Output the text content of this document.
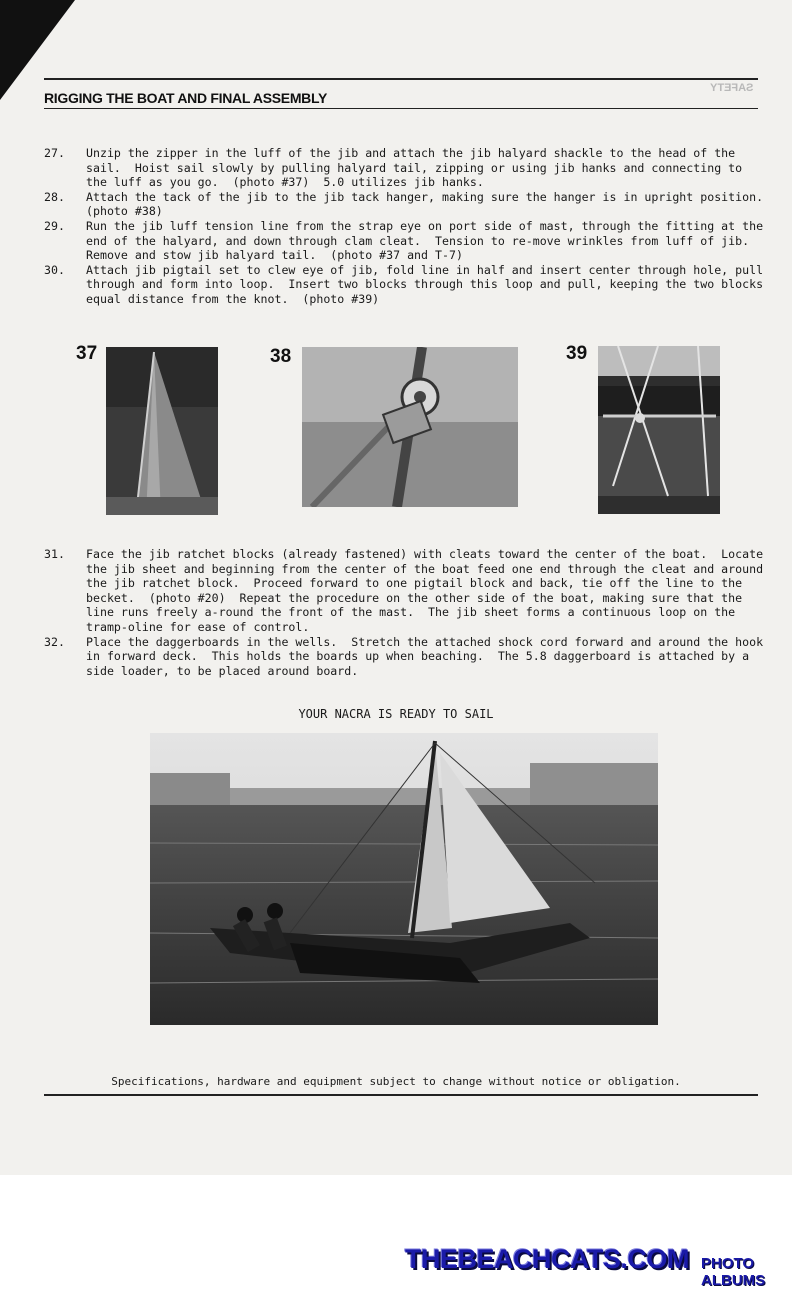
SAFETY
RIGGING THE BOAT AND FINAL ASSEMBLY
27.	Unzip the zipper in the luff of the jib and attach the jib halyard shackle to the head of the sail.  Hoist sail slowly by pulling halyard tail, zipping or using jib hanks and connecting to the luff as you go.  (photo #37)  5.0 utilizes jib hanks.
28.	Attach the tack of the jib to the jib tack hanger, making sure the hanger is in upright position.  (photo #38)
29.	Run the jib luff tension line from the strap eye on port side of mast, through the fitting at the end of the halyard, and down through clam cleat.  Tension to re-move wrinkles from luff of jib.  Remove and stow jib halyard tail.  (photo #37 and T-7)
30.	Attach jib pigtail set to clew eye of jib, fold line in half and insert center through hole, pull through and form into loop.  Insert two blocks through this loop and pull, keeping the two blocks equal distance from the knot.  (photo #39)
37	38	39
31.	Face the jib ratchet blocks (already fastened) with cleats toward the center of the boat.  Locate the jib sheet and beginning from the center of the boat feed one end through the cleat and around the jib ratchet block.  Proceed forward to one pigtail block and back, tie off the line to the becket.  (photo #20)  Repeat the procedure on the other side of the boat, making sure that the line runs freely a-round the front of the mast.  The jib sheet forms a continuous loop on the tramp-oline for ease of control.
32.	Place the daggerboards in the wells.  Stretch the attached shock cord forward and around the hook in forward deck.  This holds the boards up when beaching.  The 5.8 daggerboard is attached by a side loader, to be placed around board.
YOUR NACRA IS READY TO SAIL
Specifications, hardware and equipment subject to change without notice or obligation.
THEBEACHCATS.COM PHOTO ALBUMS
